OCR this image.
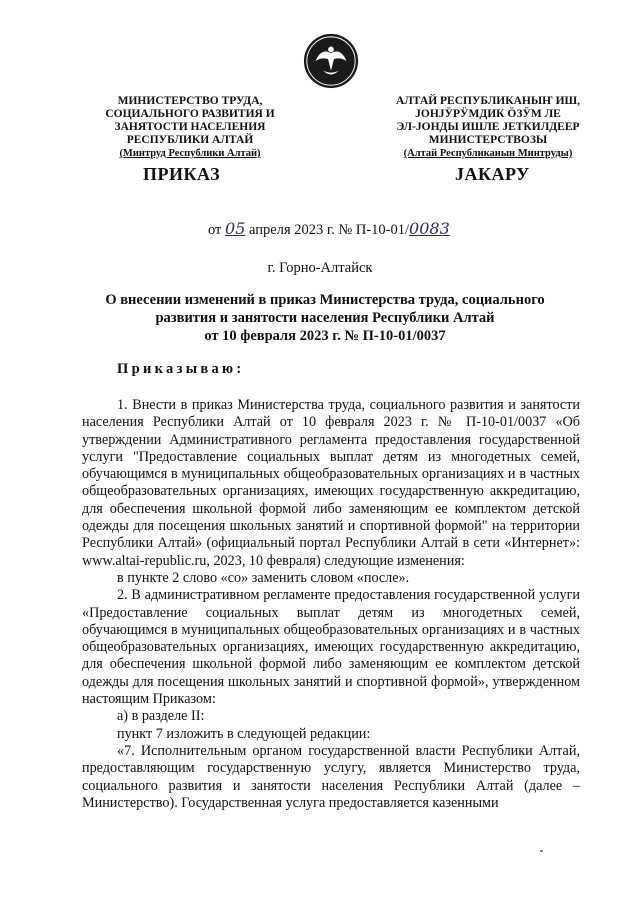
МИНИСТЕРСТВО ТРУДА,
СОЦИАЛЬНОГО РАЗВИТИЯ И
ЗАНЯТОСТИ НАСЕЛЕНИЯ
РЕСПУБЛИКИ АЛТАЙ
(Минтруд Республики Алтай)
АЛТАЙ РЕСПУБЛИКАНЫҤ ИШ,
ЈОНЈӰРӰМДИК ӦЗӰМ ЛЕ
ЭЛ-ЈОНДЫ ИШЛЕ ЈЕТКИЛДЕЕР
МИНИСТЕРСТВОЗЫ
(Алтай Республиканын Минтруды)
ПРИКАЗ	ЈАКАРУ
от 05 апреля 2023 г. № П-10-01/0083
г. Горно-Алтайск
О внесении изменений в приказ Министерства труда, социального
развития и занятости населения Республики Алтай
от 10 февраля 2023 г. № П-10-01/0037
Приказываю:

1. Внести в приказ Министерства труда, социального развития и занятости населения Республики Алтай от 10 февраля 2023 г. № П-10-01/0037 «Об утверждении Административного регламента предоставления государственной услуги "Предоставление социальных выплат детям из многодетных семей, обучающимся в муниципальных общеобразовательных организациях и в частных общеобразовательных организациях, имеющих государственную аккредитацию, для обеспечения школьной формой либо заменяющим ее комплектом детской одежды для посещения школьных занятий и спортивной формой" на территории Республики Алтай» (официальный портал Республики Алтай в сети «Интернет»: www.altai-republic.ru, 2023, 10 февраля) следующие изменения:

в пункте 2 слово «со» заменить словом «после».

2. В административном регламенте предоставления государственной услуги «Предоставление социальных выплат детям из многодетных семей, обучающимся в муниципальных общеобразовательных организациях и в частных общеобразовательных организациях, имеющих государственную аккредитацию, для обеспечения школьной формой либо заменяющим ее комплектом детской одежды для посещения школьных занятий и спортивной формой», утвержденном настоящим Приказом:

а) в разделе II:

пункт 7 изложить в следующей редакции:

«7. Исполнительным органом государственной власти Республики Алтай, предоставляющим государственную услугу, является Министерство труда, социального развития и занятости населения Республики Алтай (далее – Министерство). Государственная услуга предоставляется казенными
